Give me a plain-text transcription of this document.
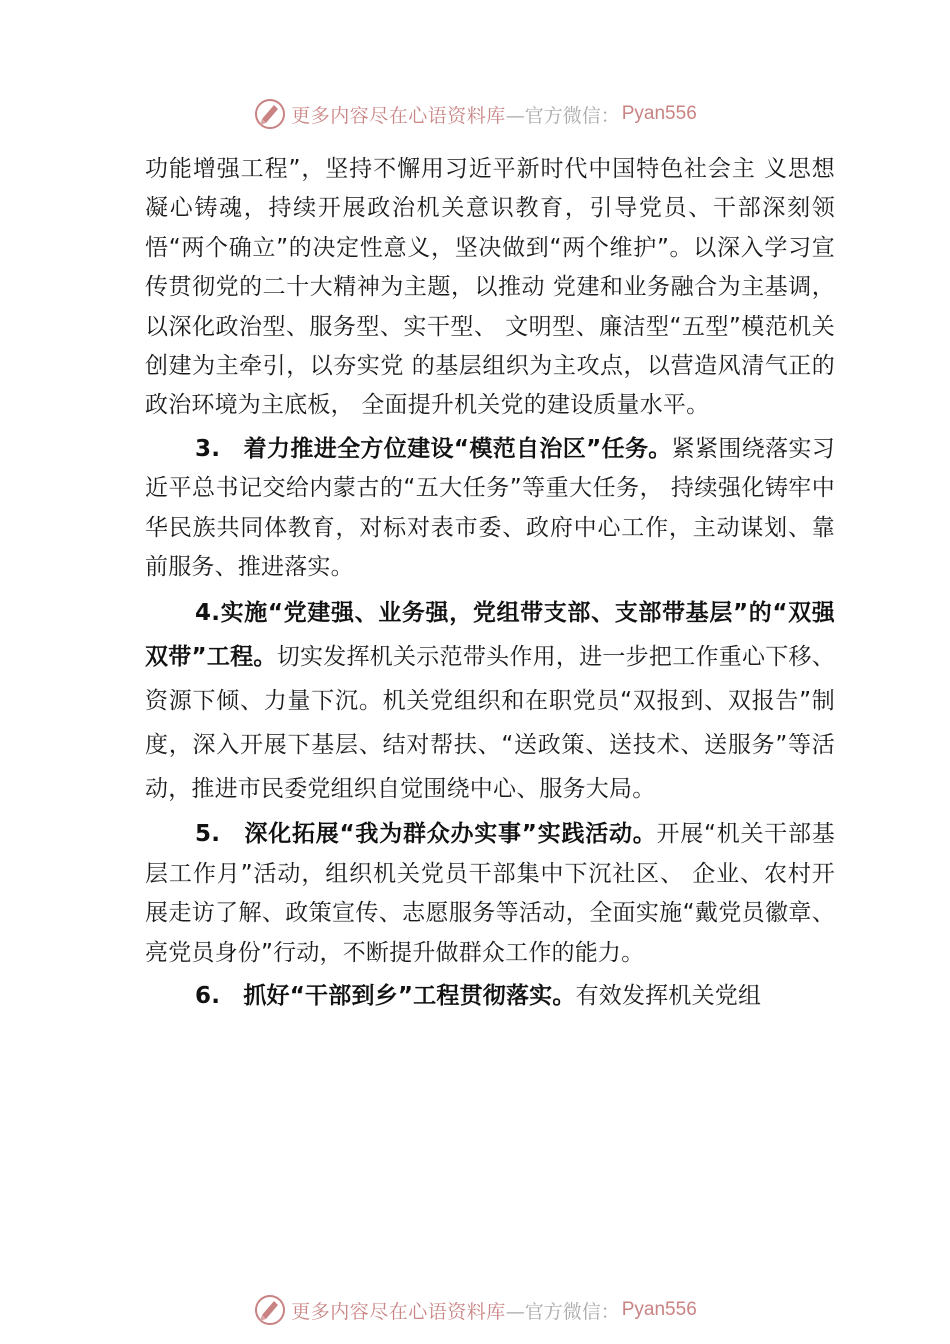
更多内容尽在心语资料库 —官方微信： Pyan556

功能增强工程”，坚持不懈用习近平新时代中国特色社会主 义思想凝心铸魂，持续开展政治机关意识教育，引导党员、干部深刻领悟“两个确立”的决定性意义，坚决做到“两个维护”。以深入学习宣传贯彻党的二十大精神为主题，以推动 党建和业务融合为主基调，以深化政治型、服务型、实干型、 文明型、廉洁型“五型”模范机关创建为主牵引，以夯实党 的基层组织为主攻点，以营造风清气正的政治环境为主底板， 全面提升机关党的建设质量水平。

3.　着力推进全方位建设“模范自治区”任务。紧紧围绕落实习近平总书记交给内蒙古的“五大任务”等重大任务， 持续强化铸牢中华民族共同体教育，对标对表市委、政府中心工作，主动谋划、靠前服务、推进落实。

4.实施“党建强、业务强，党组带支部、支部带基层”的“双强双带”工程。切实发挥机关示范带头作用，进一步把工作重心下移、资源下倾、力量下沉。机关党组织和在职党员“双报到、双报告”制度，深入开展下基层、结对帮扶、“送政策、送技术、送服务”等活动，推进市民委党组织自觉围绕中心、服务大局。

5.　深化拓展“我为群众办实事”实践活动。开展“机关干部基层工作月”活动，组织机关党员干部集中下沉社区、 企业、农村开展走访了解、政策宣传、志愿服务等活动，全面实施“戴党员徽章、亮党员身份”行动，不断提升做群众工作的能力。

6.　抓好“干部到乡”工程贯彻落实。有效发挥机关党组

更多内容尽在心语资料库 —官方微信： Pyan556
